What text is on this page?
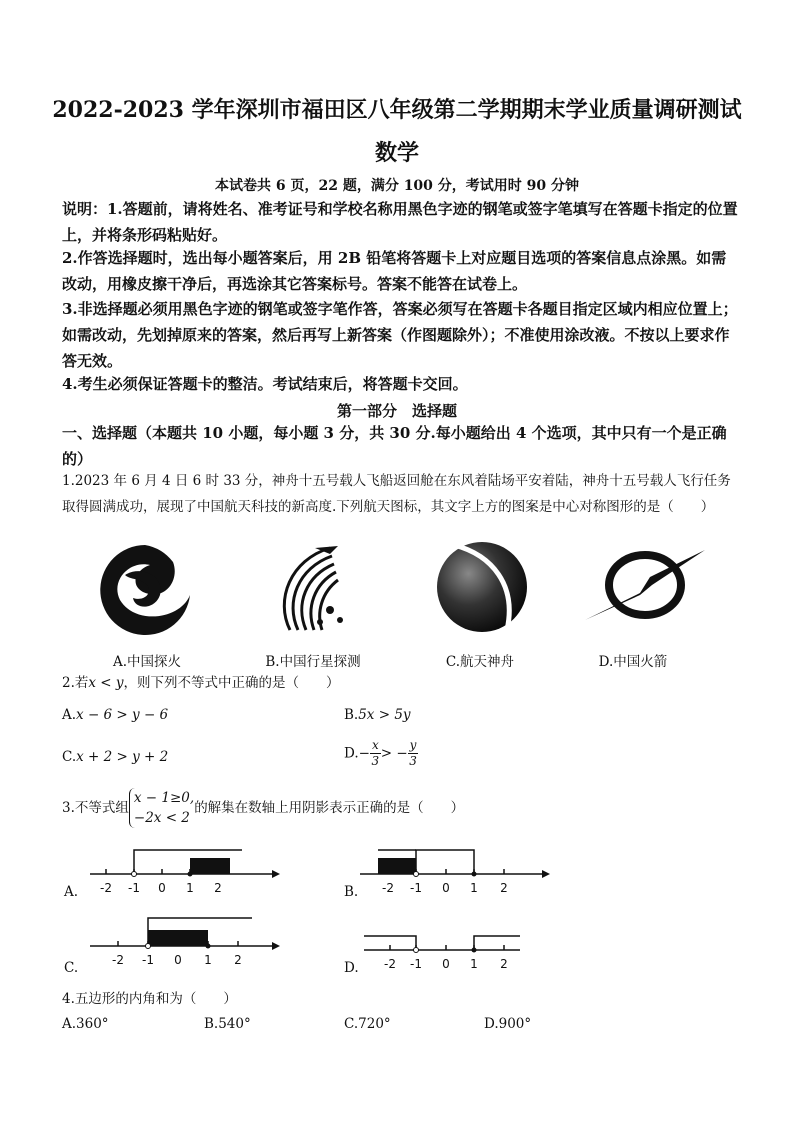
2022-2023 学年深圳市福田区八年级第二学期期末学业质量调研测试
数学
本试卷共 6 页，22 题，满分 100 分，考试用时 90 分钟
说明：1.答题前，请将姓名、准考证号和学校名称用黑色字迹的钢笔或签字笔填写在答题卡指定的位置上，并将条形码粘贴好。
2.作答选择题时，选出每小题答案后，用 2B 铅笔将答题卡上对应题目选项的答案信息点涂黑。如需改动，用橡皮擦干净后，再选涂其它答案标号。答案不能答在试卷上。
3.非选择题必须用黑色字迹的钢笔或签字笔作答，答案必须写在答题卡各题目指定区域内相应位置上；如需改动，先划掉原来的答案，然后再写上新答案（作图题除外）；不准使用涂改液。不按以上要求作答无效。
4.考生必须保证答题卡的整洁。考试结束后，将答题卡交回。
第一部分　选择题
一、选择题（本题共 10 小题，每小题 3 分，共 30 分.每小题给出 4 个选项，其中只有一个是正确的）
1.2023 年 6 月 4 日 6 时 33 分，神舟十五号载人飞船返回舱在东风着陆场平安着陆，神舟十五号载人飞行任务取得圆满成功，展现了中国航天科技的新高度.下列航天图标，其文字上方的图案是中心对称图形的是（　　）
A.中国探火	B.中国行星探测	C.航天神舟	D.中国火箭
2.若x < y，则下列不等式中正确的是（　　）
A.x − 6 > y − 6	B.5x > 5y
C.x + 2 > y + 2	$D.- \frac{x}{3}$ > − $\frac{y}{3}$
3.不等式组
x − 1≥0,
−2x < 2
的解集在数轴上用阴影表示正确的是（　　）
A. -2 -1 0 1 2	B. -2 -1 0 1 2
C.	-2 -1 0 1 2	D. -2 -1 0 1 2
4.五边形的内角和为（　　）
A.360°	B.540°	C.720°	D.900°
